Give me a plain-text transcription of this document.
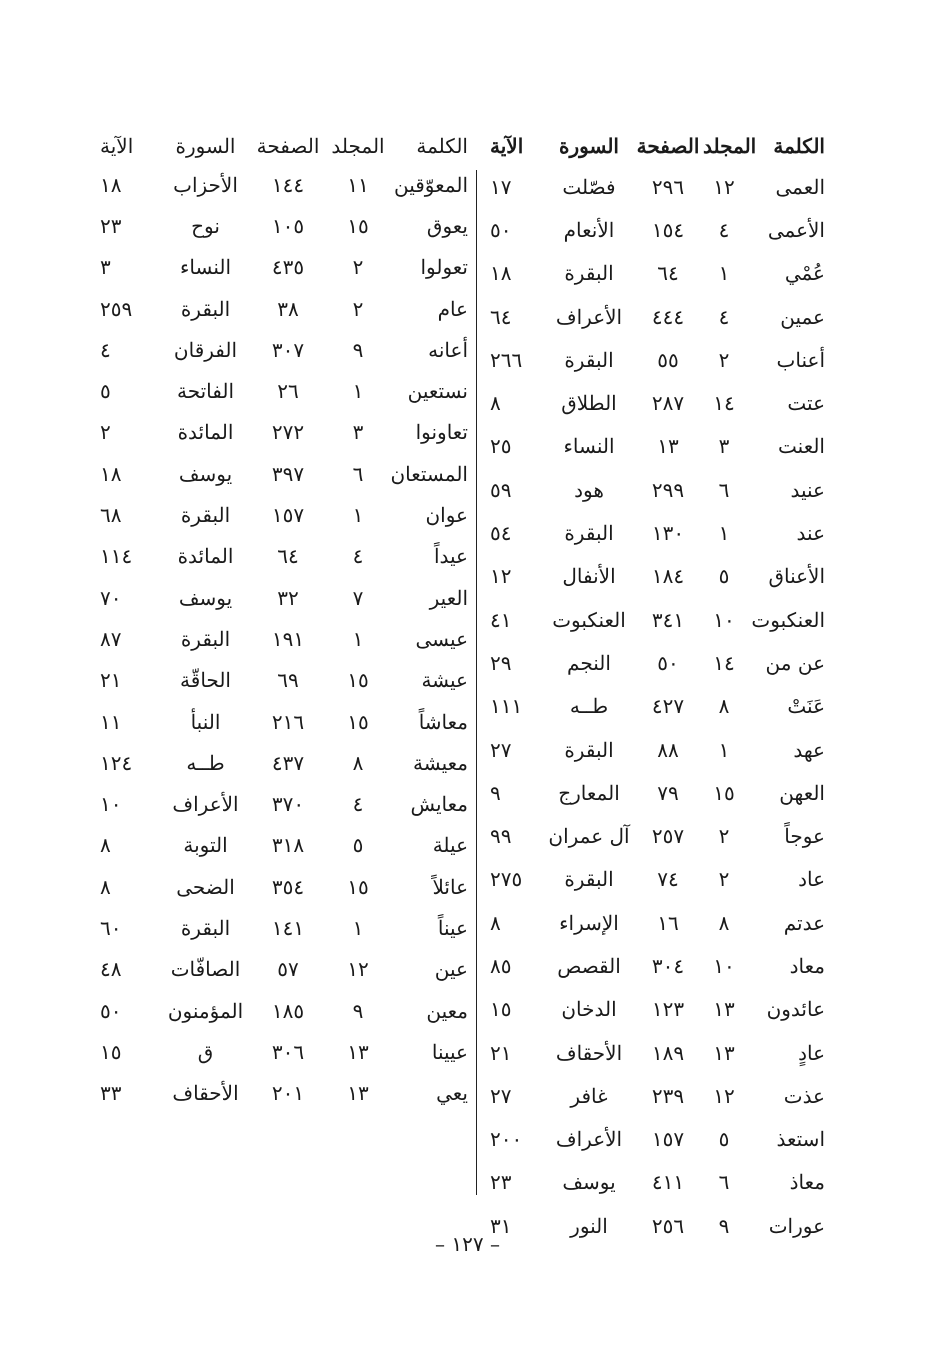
الكلمة
المجلد
الصفحة
السورة
الآية
العمى
١٢
٢٩٦
فصّلت
١٧
الأعمى
٤
١٥٤
الأنعام
٥٠
عُمْي
١
٦٤
البقرة
١٨
عمين
٤
٤٤٤
الأعراف
٦٤
أعناب
٢
٥٥
البقرة
٢٦٦
عتت
١٤
٢٨٧
الطلاق
٨
العنت
٣
١٣
النساء
٢٥
عنيد
٦
٢٩٩
هود
٥٩
عند
١
١٣٠
البقرة
٥٤
الأعناق
٥
١٨٤
الأنفال
١٢
العنكبوت
١٠
٣٤١
العنكبوت
٤١
عن من
١٤
٥٠
النجم
٢٩
عَنَتْ
٨
٤٢٧
طــه
١١١
عهد
١
٨٨
البقرة
٢٧
العهن
١٥
٧٩
المعارج
٩
عوجاً
٢
٢٥٧
آل عمران
٩٩
عاد
٢
٧٤
البقرة
٢٧٥
عدتم
٨
١٦
الإسراء
٨
معاد
١٠
٣٠٤
القصص
٨٥
عائدون
١٣
١٢٣
الدخان
١٥
عادٍ
١٣
١٨٩
الأحقاف
٢١
عذت
١٢
٢٣٩
غافر
٢٧
استعذ
٥
١٥٧
الأعراف
٢٠٠
معاذ
٦
٤١١
يوسف
٢٣
عورات
٩
٢٥٦
النور
٣١
الكلمة
المجلد
الصفحة
السورة
الآية
المعوّقين
١١
١٤٤
الأحزاب
١٨
يعوق
١٥
١٠٥
نوح
٢٣
تعولوا
٢
٤٣٥
النساء
٣
عام
٢
٣٨
البقرة
٢٥٩
أعانه
٩
٣٠٧
الفرقان
٤
نستعين
١
٢٦
الفاتحة
٥
تعاونوا
٣
٢٧٢
المائدة
٢
المستعان
٦
٣٩٧
يوسف
١٨
عوان
١
١٥٧
البقرة
٦٨
عيداً
٤
٦٤
المائدة
١١٤
العير
٧
٣٢
يوسف
٧٠
عيسى
١
١٩١
البقرة
٨٧
عيشة
١٥
٦٩
الحاقّة
٢١
معاشاً
١٥
٢١٦
النبأ
١١
معيشة
٨
٤٣٧
طــه
١٢٤
معايش
٤
٣٧٠
الأعراف
١٠
عيلة
٥
٣١٨
التوبة
٨
عائلاً
١٥
٣٥٤
الضحى
٨
عيناً
١
١٤١
البقرة
٦٠
عين
١٢
٥٧
الصافّات
٤٨
معين
٩
١٨٥
المؤمنون
٥٠
عيينا
١٣
٣٠٦
ق
١٥
يعي
١٣
٢٠١
الأحقاف
٣٣
– ١٢٧ –
